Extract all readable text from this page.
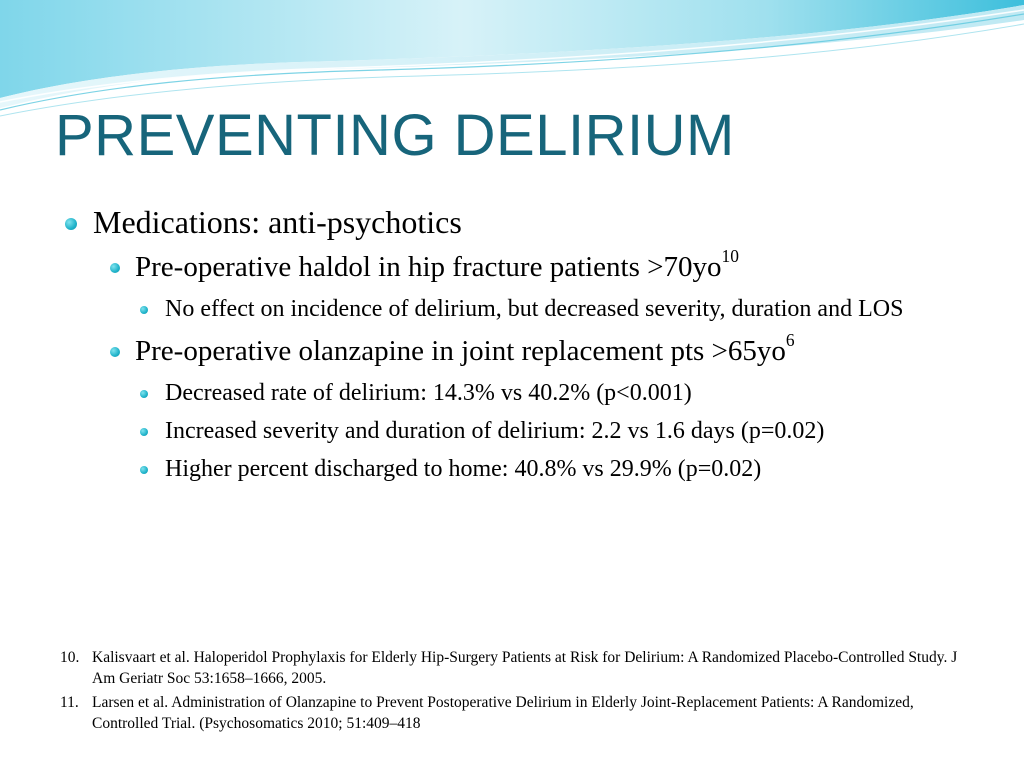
PREVENTING DELIRIUM
Medications: anti-psychotics
Pre-operative haldol in hip fracture patients $>70yo^{10}$
No effect on incidence of delirium, but decreased severity, duration and LOS
Pre-operative olanzapine in joint replacement pts $>65yo^6$
Decreased rate of delirium: 14.3% vs 40.2% (p<0.001)
Increased severity and duration of delirium: 2.2 vs 1.6 days (p=0.02)
Higher percent discharged to home: 40.8% vs 29.9% (p=0.02)
10. Kalisvaart et al. Haloperidol Prophylaxis for Elderly Hip-Surgery Patients at Risk for Delirium: A Randomized Placebo-Controlled Study. J Am Geriatr Soc 53:1658–1666, 2005.
11. Larsen et al. Administration of Olanzapine to Prevent Postoperative Delirium in Elderly Joint-Replacement Patients: A Randomized, Controlled Trial. (Psychosomatics 2010; 51:409–418
